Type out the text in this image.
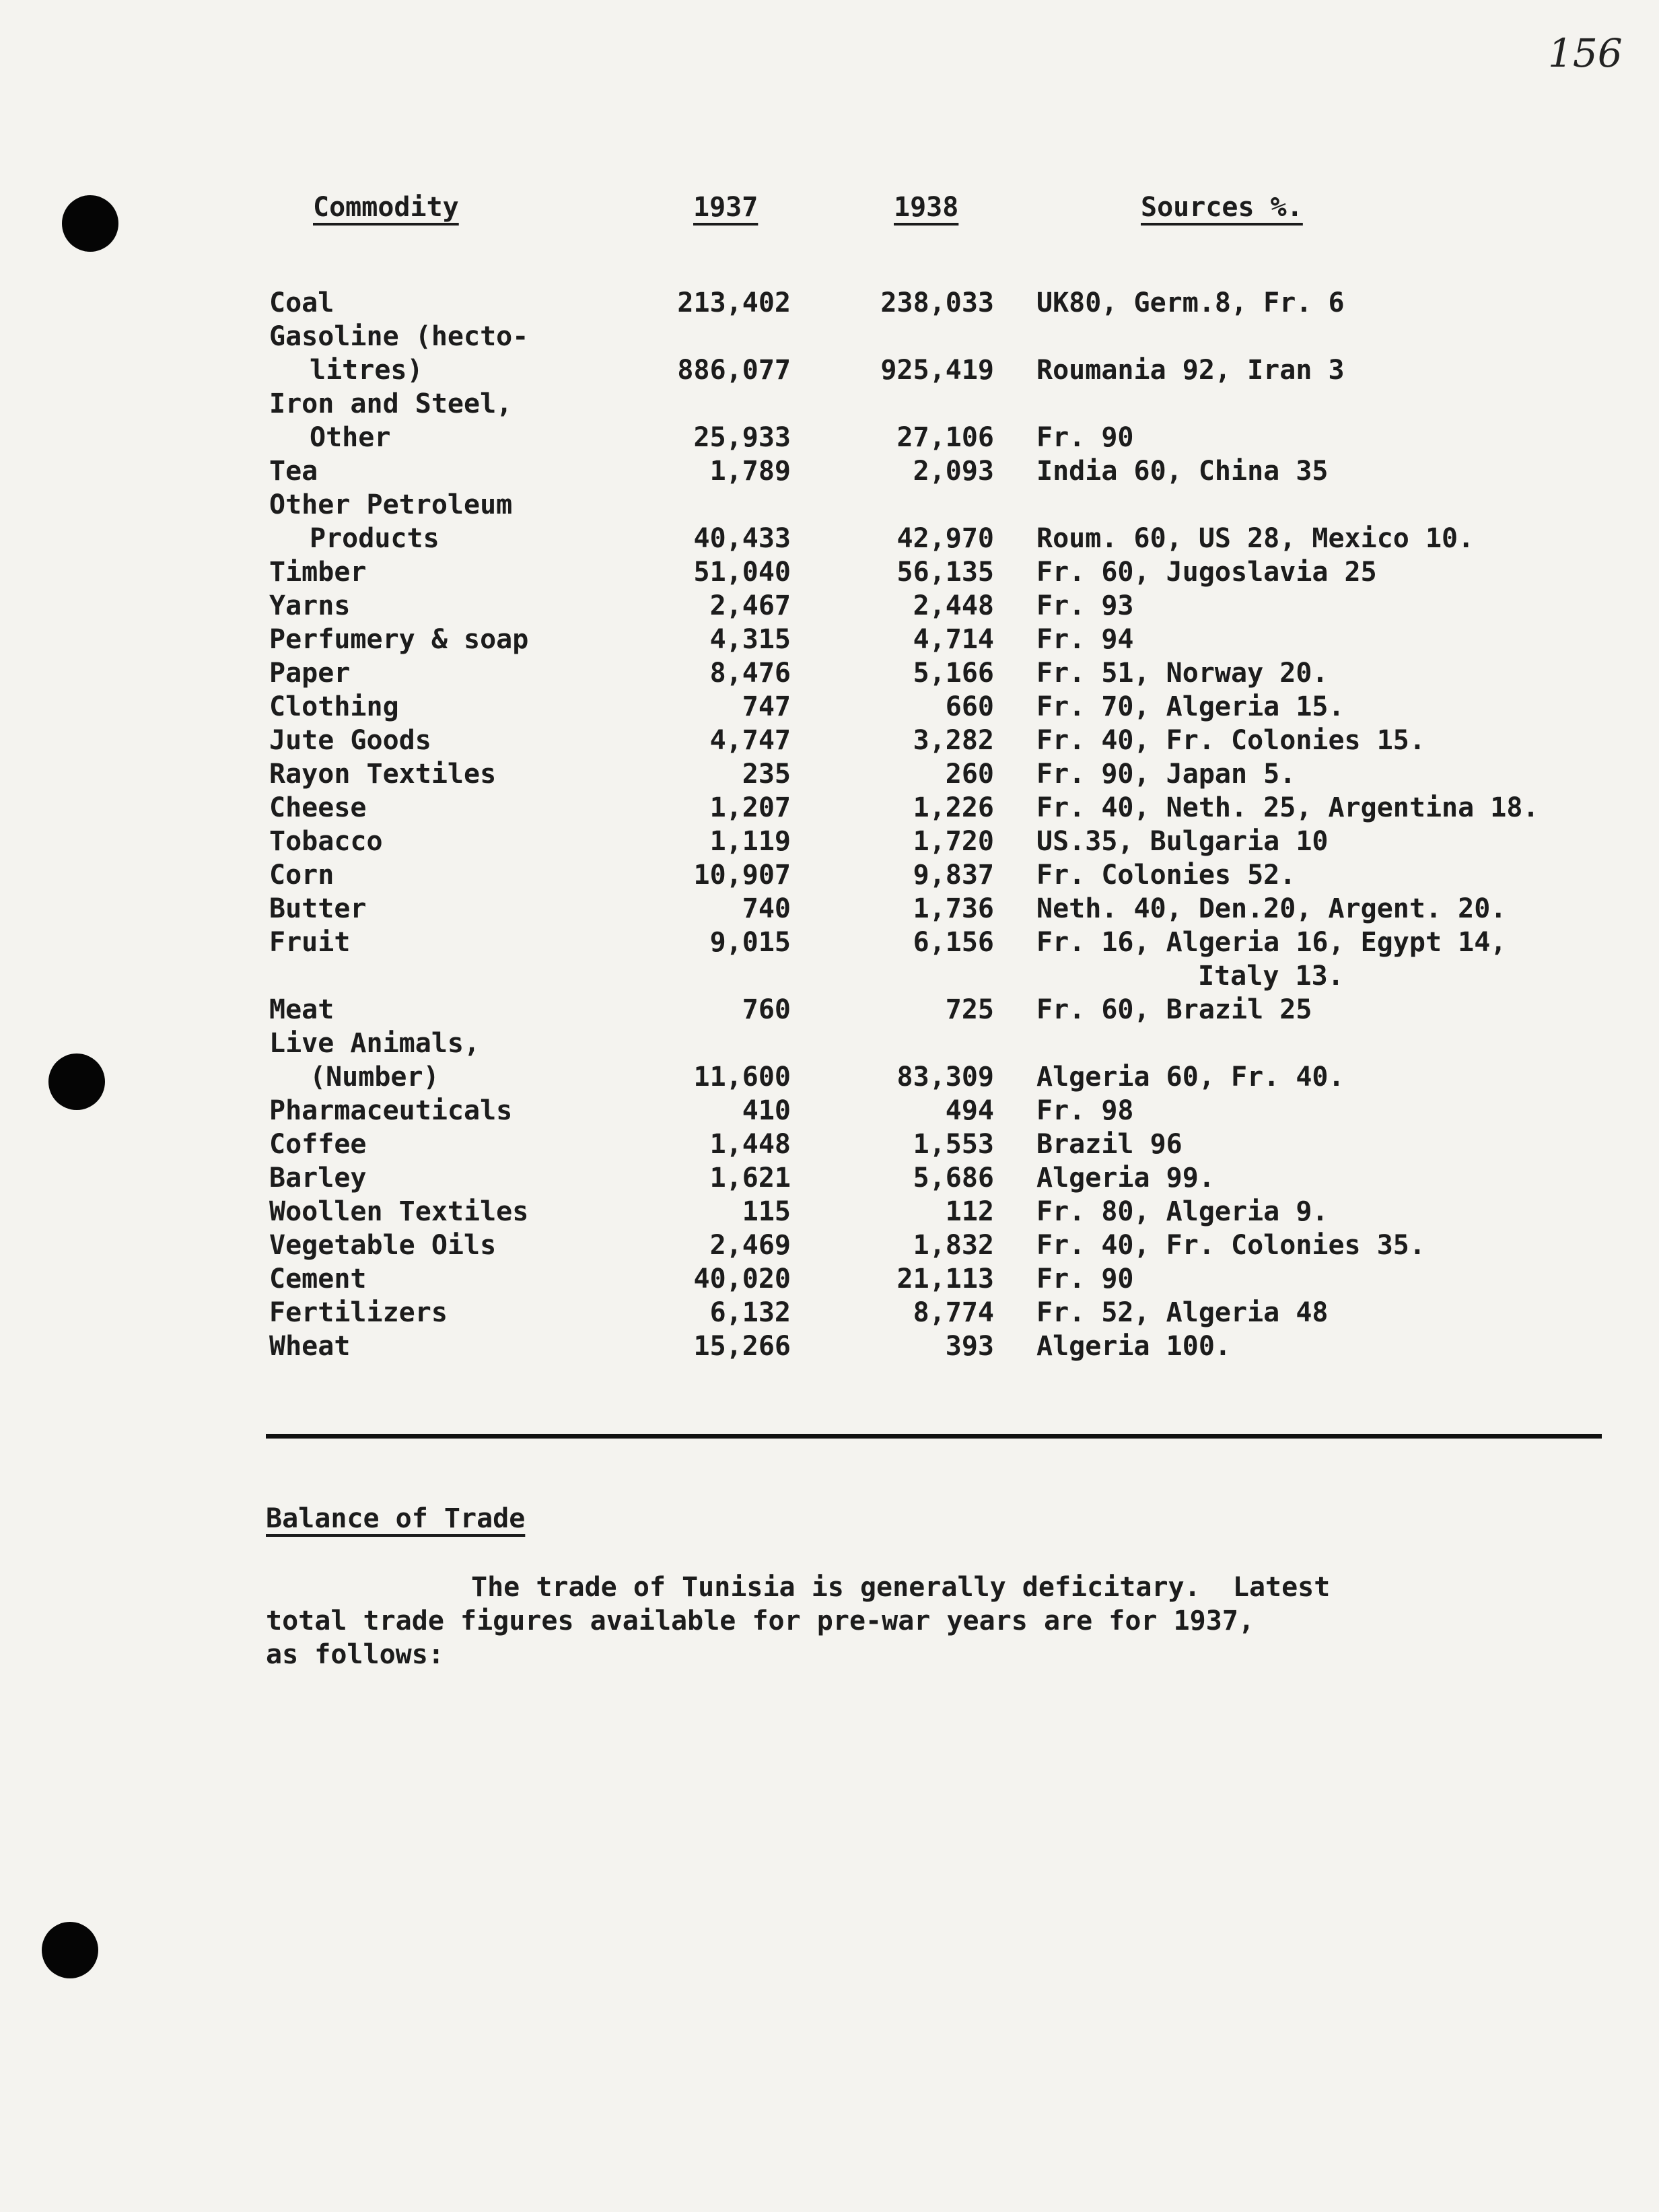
156
Commodity	1937	1938	Sources %.
Coal	213,402	238,033 UK80, Germ.8, Fr. 6
Gasoline (hecto-
litres)	886,077	925,419 Roumania 92, Iran 3
Iron and Steel,
Other	25,933	27,106 Fr. 90
Tea	1,789	2,093 India 60, China 35
Other Petroleum
Products	40,433	42,970 Roum. 60, US 28, Mexico 10.
Timber	51,040	56,135 Fr. 60, Jugoslavia 25
Yarns	2,467	2,448 Fr. 93
Perfumery & soap	4,315	4,714 Fr. 94
Paper	8,476	5,166 Fr. 51, Norway 20.
Clothing	747	660 Fr. 70, Algeria 15.
Jute Goods	4,747	3,282 Fr. 40, Fr. Colonies 15.
Rayon Textiles	235	260 Fr. 90, Japan 5.
Cheese	1,207	1,226 Fr. 40, Neth. 25, Argentina 18.
Tobacco	1,119	1,720 US.35, Bulgaria 10
Corn	10,907	9,837 Fr. Colonies 52.
Butter	740	1,736 Neth. 40, Den.20, Argent. 20.
Fruit	9,015	6,156 Fr. 16, Algeria 16, Egypt 14,
Italy 13.
Meat	760	725 Fr. 60, Brazil 25
Live Animals,
(Number)	11,600	83,309 Algeria 60, Fr. 40.
Pharmaceuticals	410	494 Fr. 98
Coffee	1,448	1,553 Brazil 96
Barley	1,621	5,686 Algeria 99.
Woollen Textiles	115	112 Fr. 80, Algeria 9.
Vegetable Oils	2,469	1,832 Fr. 40, Fr. Colonies 35.
Cement	40,020	21,113 Fr. 90
Fertilizers	6,132	8,774 Fr. 52, Algeria 48
Wheat	15,266	393 Algeria 100.
Balance of Trade
The trade of Tunisia is generally deficitary.  Latest
total trade figures available for pre-war years are for 1937,
as follows:
